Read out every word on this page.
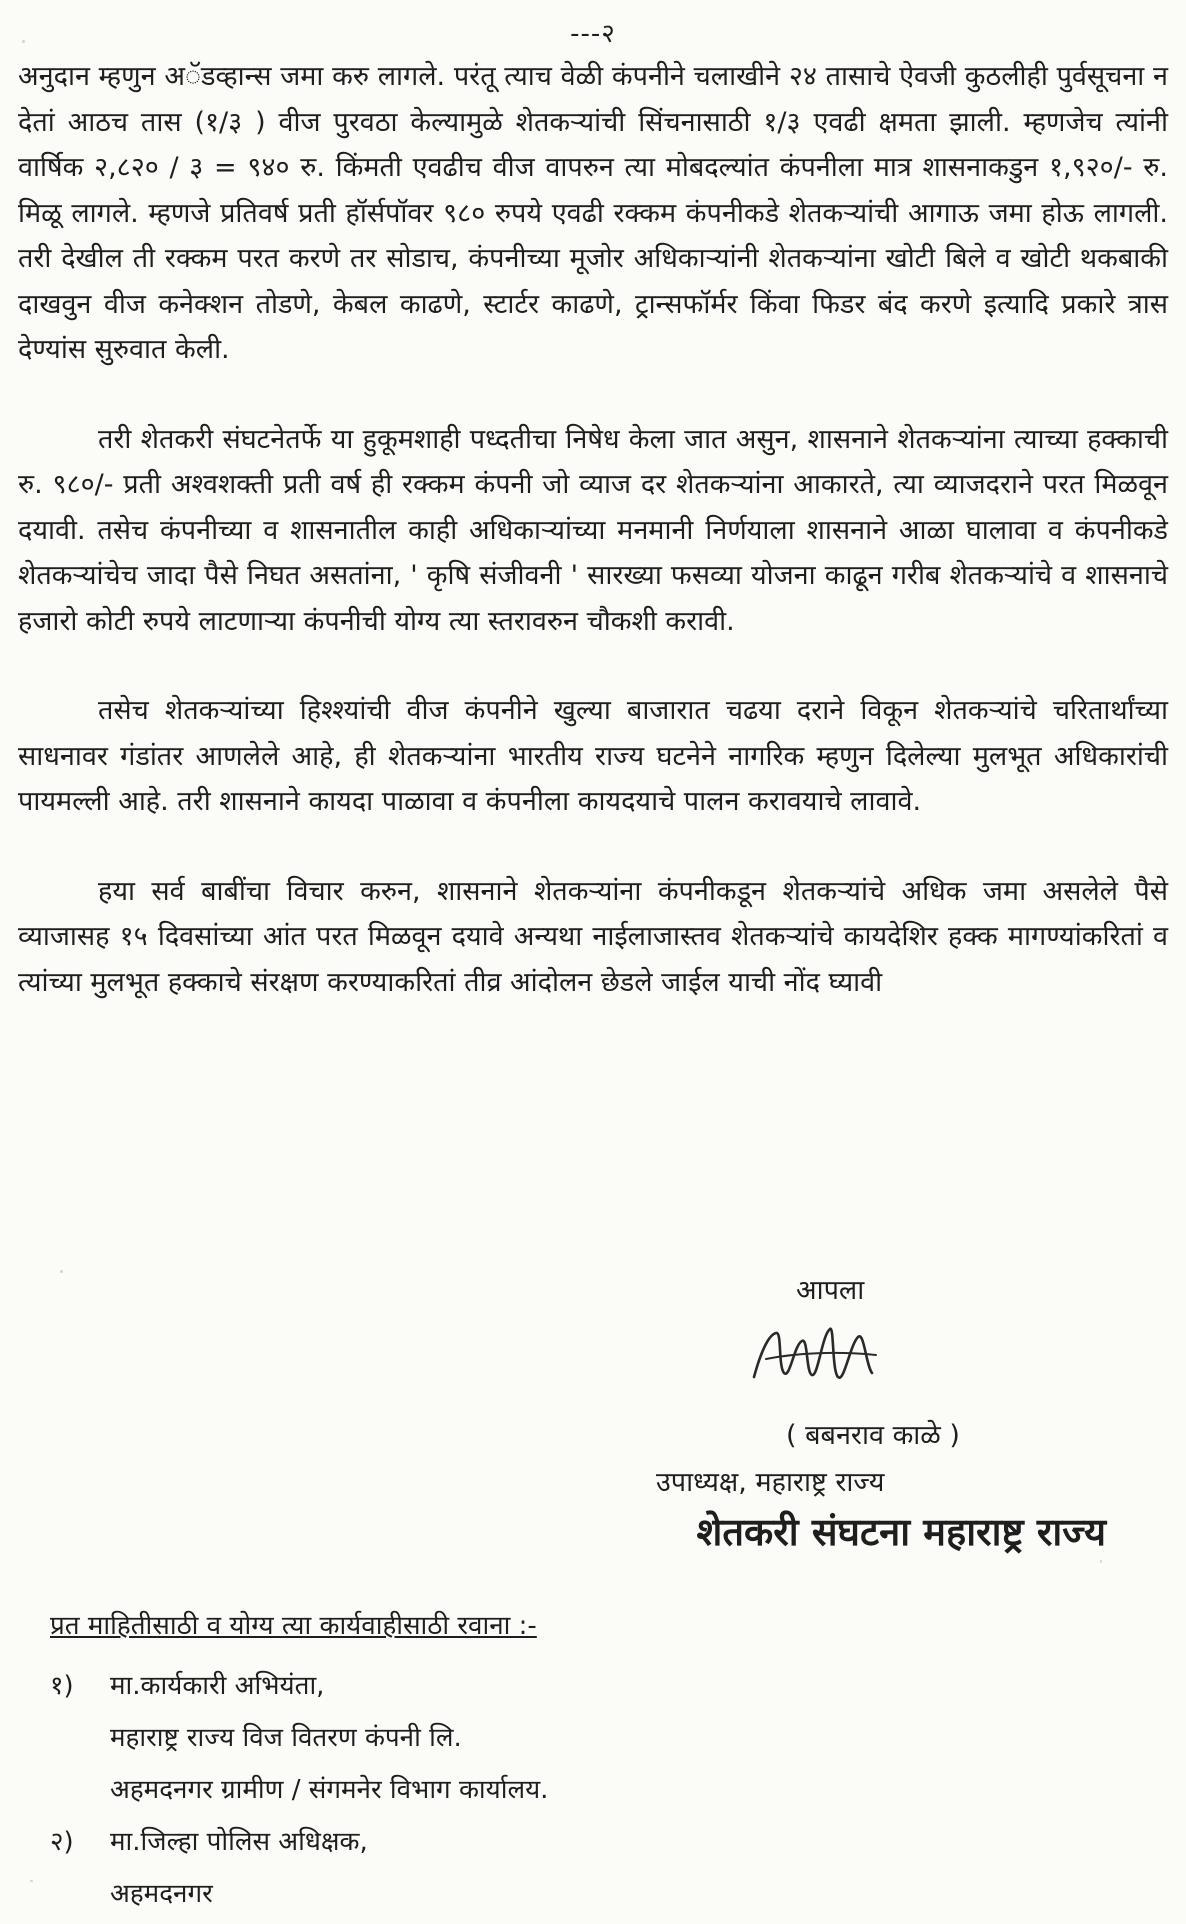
---२

अनुदान म्हणुन अॅडव्हान्स जमा करु लागले. परंतू त्याच वेळी कंपनीने चलाखीने २४ तासाचे ऐवजी कुठलीही पुर्वसूचना न देतां आठच तास (१/३ ) वीज पुरवठा केल्यामुळे शेतकऱ्यांची सिंचनासाठी १/३ एवढी क्षमता झाली. म्हणजेच त्यांनी वार्षिक २,८२० / ३ = ९४० रु. किंमती एवढीच वीज वापरुन त्या मोबदल्यांत कंपनीला मात्र शासनाकडुन १,९२०/- रु. मिळू लागले. म्हणजे प्रतिवर्ष प्रती हॉर्सपॉवर ९८० रुपये एवढी रक्कम कंपनीकडे शेतकऱ्यांची आगाऊ जमा होऊ लागली. तरी देखील ती रक्कम परत करणे तर सोडाच, कंपनीच्या मूजोर अधिकाऱ्यांनी शेतकऱ्यांना खोटी बिले व खोटी थकबाकी दाखवुन वीज कनेक्शन तोडणे, केबल काढणे, स्टार्टर काढणे, ट्रान्सफॉर्मर किंवा फिडर बंद करणे इत्यादि प्रकारे त्रास देण्यांस सुरुवात केली.

तरी शेतकरी संघटनेतर्फे या हुकूमशाही पध्दतीचा निषेध केला जात असुन, शासनाने शेतकऱ्यांना त्याच्या हक्काची रु. ९८०/- प्रती अश्वशक्ती प्रती वर्ष ही रक्कम कंपनी जो व्याज दर शेतकऱ्यांना आकारते, त्या व्याजदराने परत मिळवून दयावी. तसेच कंपनीच्या व शासनातील काही अधिकाऱ्यांच्या मनमानी निर्णयाला शासनाने आळा घालावा व कंपनीकडे शेतकऱ्यांचेच जादा पैसे निघत असतांना, ' कृषि संजीवनी ' सारख्या फसव्या योजना काढून गरीब शेतकऱ्यांचे व शासनाचे हजारो कोटी रुपये लाटणाऱ्या कंपनीची योग्य त्या स्तरावरुन चौकशी करावी.

तसेच शेतकऱ्यांच्या हिश्श्यांची वीज कंपनीने खुल्या बाजारात चढया दराने विकून शेतकऱ्यांचे चरितार्थांच्या साधनावर गंडांतर आणलेले आहे, ही शेतकऱ्यांना भारतीय राज्य घटनेने नागरिक म्हणुन दिलेल्या मुलभूत अधिकारांची पायमल्ली आहे. तरी शासनाने कायदा पाळावा व कंपनीला कायदयाचे पालन करावयाचे लावावे.

हया सर्व बाबींचा विचार करुन, शासनाने शेतकऱ्यांना कंपनीकडून शेतकऱ्यांचे अधिक जमा असलेले पैसे व्याजासह १५ दिवसांच्या आंत परत मिळवून दयावे अन्यथा नाईलाजास्तव शेतकऱ्यांचे कायदेशिर हक्क मागण्यांकरितां व त्यांच्या मुलभूत हक्काचे संरक्षण करण्याकरितां तीव्र आंदोलन छेडले जाईल याची नोंद घ्यावी

आपला
( बबनराव काळे )
उपाध्यक्ष, महाराष्ट्र राज्य
शेतकरी संघटना महाराष्ट्र राज्य

प्रत माहितीसाठी व योग्य त्या कार्यवाहीसाठी रवाना :-

१)	मा.कार्यकारी अभियंता,

महाराष्ट्र राज्य विज वितरण कंपनी लि.

अहमदनगर ग्रामीण / संगमनेर विभाग कार्यालय.

२)	मा.जिल्हा पोलिस अधिक्षक,

अहमदनगर
